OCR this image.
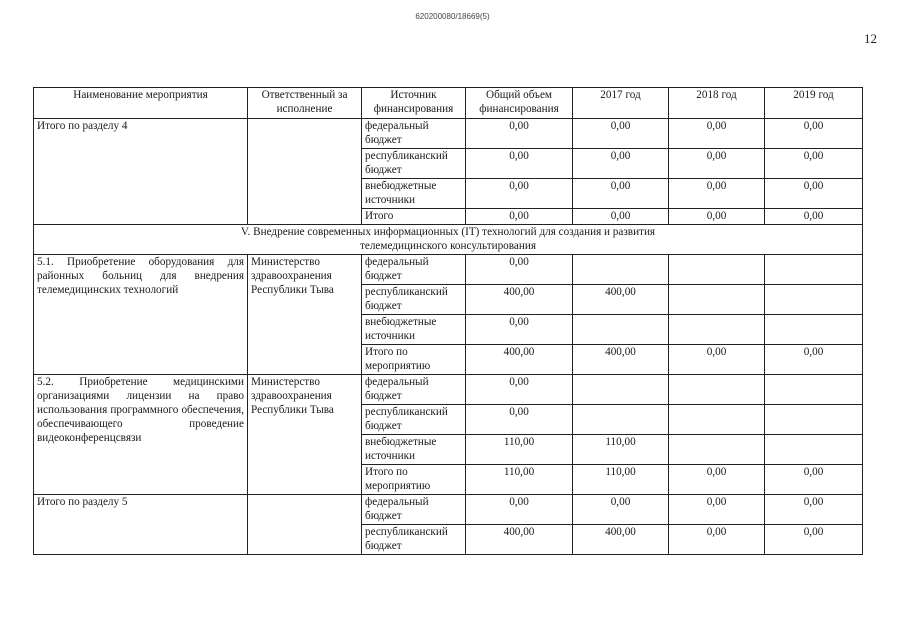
620200080/18669(5)
12
Наименование мероприятия	Ответственный за исполнение	Источник финансирования	Общий объем финансирования	2017 год	2018 год	2019 год
Итого по разделу 4		федеральный бюджет	0,00	0,00	0,00	0,00
		республиканский бюджет	0,00	0,00	0,00	0,00
		внебюджетные источники	0,00	0,00	0,00	0,00
		Итого	0,00	0,00	0,00	0,00
V. Внедрение современных информационных (IT) технологий для создания и развития телемедицинского консультирования						
5.1. Приобретение оборудования для районных больниц для внедрения телемедицинских технологий	Министерство здравоохранения Республики Тыва	федеральный бюджет	0,00			
		республиканский бюджет	400,00	400,00		
		внебюджетные источники	0,00			
		Итого по мероприятию	400,00	400,00	0,00	0,00
5.2. Приобретение медицинскими организациями лицензии на право использования программного обеспечения, обеспечивающего проведение видеоконференцсвязи	Министерство здравоохранения Республики Тыва	федеральный бюджет	0,00			
		республиканский бюджет	0,00			
		внебюджетные источники	110,00	110,00		
		Итого по мероприятию	110,00	110,00	0,00	0,00
Итого по разделу 5		федеральный бюджет	0,00	0,00	0,00	0,00
		республиканский бюджет	400,00	400,00	0,00	0,00
